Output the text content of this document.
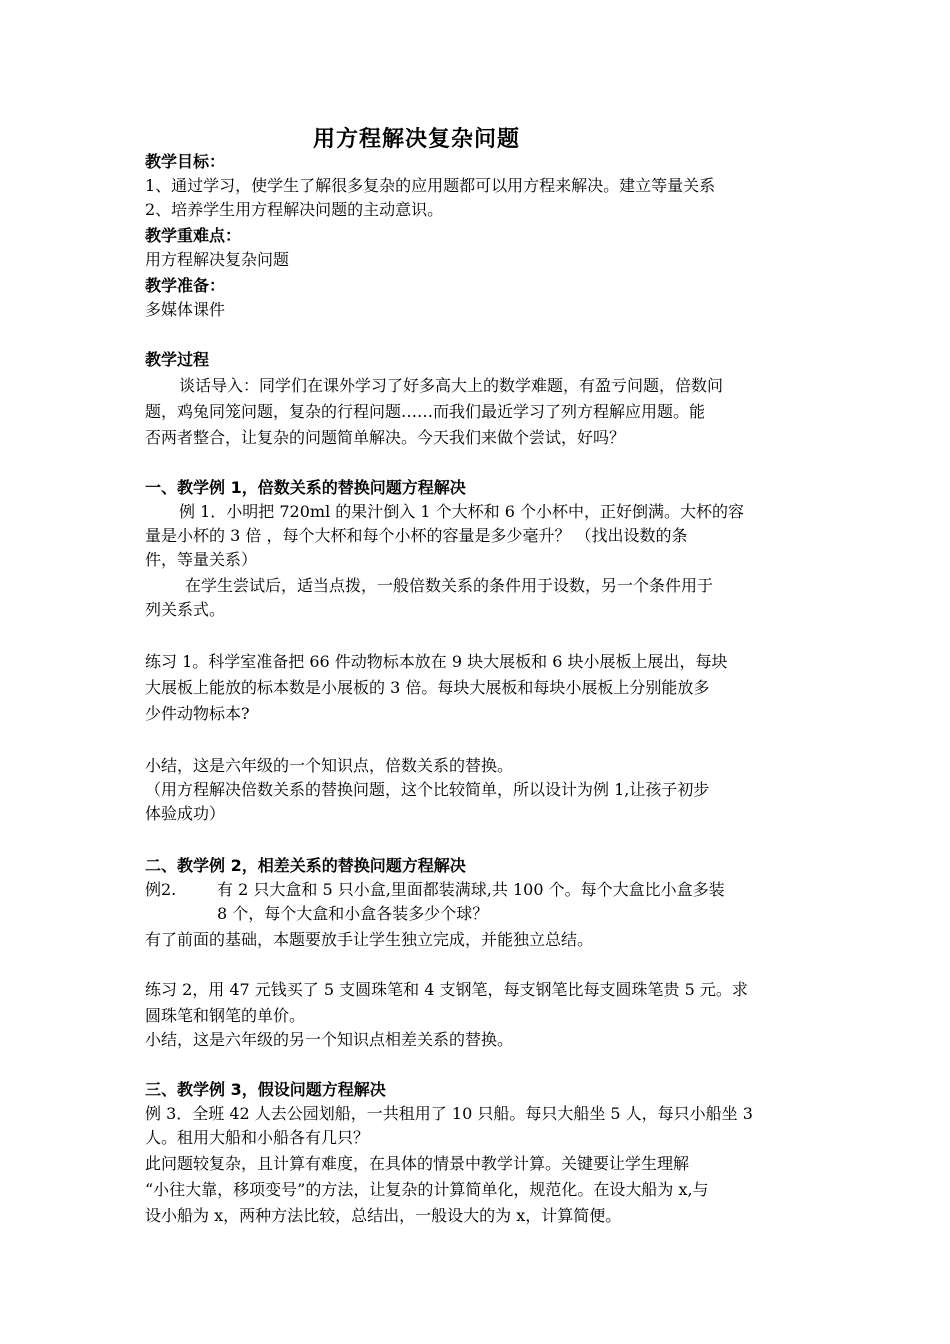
用方程解决复杂问题
教学目标：
1、通过学习，使学生了解很多复杂的应用题都可以用方程来解决。建立等量关系
2、培养学生用方程解决问题的主动意识。
教学重难点：
用方程解决复杂问题
教学准备：
多媒体课件
教学过程
谈话导入：同学们在课外学习了好多高大上的数学难题，有盈亏问题，倍数问
题，鸡兔同笼问题，复杂的行程问题……而我们最近学习了列方程解应用题。能
否两者整合，让复杂的问题简单解决。今天我们来做个尝试，好吗？
一、教学例 1，倍数关系的替换问题方程解决
例 1．小明把 720ml 的果汁倒入 1 个大杯和 6 个小杯中，正好倒满。大杯的容
量是小杯的 3 倍 ，每个大杯和每个小杯的容量是多少毫升？ （找出设数的条
件，等量关系）
在学生尝试后，适当点拨，一般倍数关系的条件用于设数，另一个条件用于
列关系式。
练习 1。科学室准备把 66 件动物标本放在 9 块大展板和 6 块小展板上展出，每块
大展板上能放的标本数是小展板的 3 倍。每块大展板和每块小展板上分别能放多
少件动物标本?
小结，这是六年级的一个知识点，倍数关系的替换。
（用方程解决倍数关系的替换问题，这个比较简单，所以设计为例 1,让孩子初步
体验成功）
二、教学例 2，相差关系的替换问题方程解决
例2.	有 2 只大盒和 5 只小盒,里面都装满球,共 100 个。每个大盒比小盒多装
8 个，每个大盒和小盒各装多少个球？
有了前面的基础，本题要放手让学生独立完成，并能独立总结。
练习 2，用 47 元钱买了 5 支圆珠笔和 4 支钢笔，每支钢笔比每支圆珠笔贵 5 元。求
圆珠笔和钢笔的单价。
小结，这是六年级的另一个知识点相差关系的替换。
三、教学例 3，假设问题方程解决
例 3．全班 42 人去公园划船，一共租用了 10 只船。每只大船坐 5 人，每只小船坐 3
人。租用大船和小船各有几只？
此问题较复杂，且计算有难度，在具体的情景中教学计算。关键要让学生理解
“小往大靠，移项变号”的方法，让复杂的计算简单化，规范化。在设大船为 x,与
设小船为 x，两种方法比较，总结出，一般设大的为 x，计算简便。
